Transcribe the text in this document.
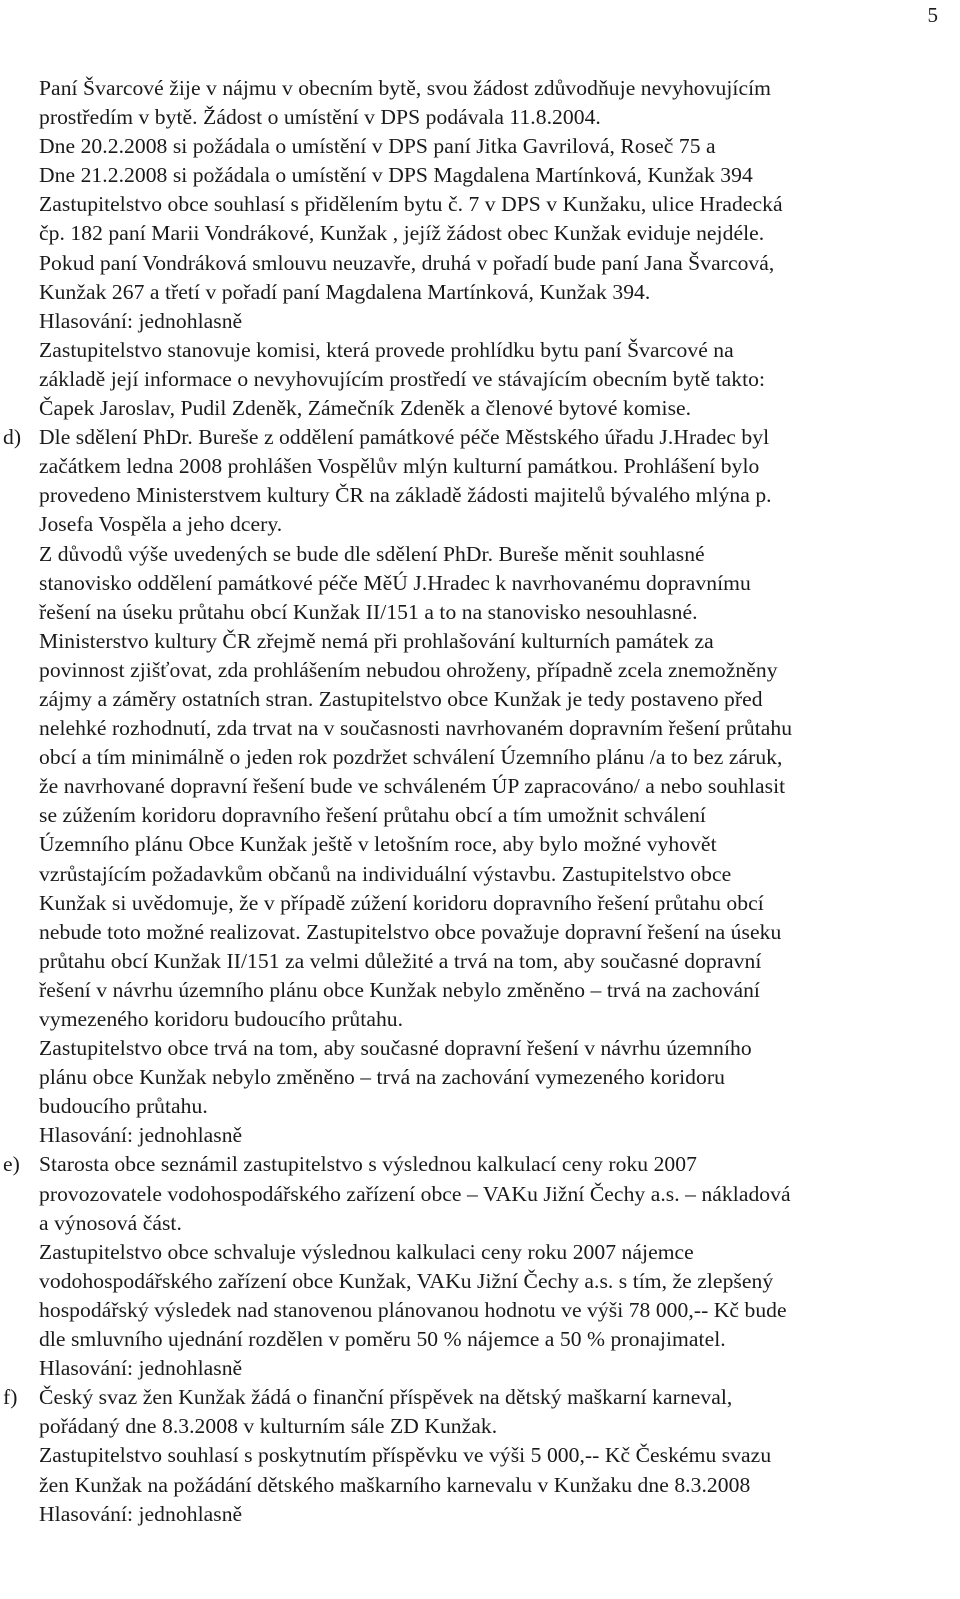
5
Paní Švarcové žije v nájmu v obecním bytě, svou žádost zdůvodňuje nevyhovujícím
prostředím v bytě. Žádost o umístění v DPS podávala 11.8.2004.
Dne 20.2.2008 si požádala o umístění v DPS paní Jitka Gavrilová, Roseč 75 a
Dne 21.2.2008 si požádala o umístění v DPS Magdalena Martínková, Kunžak 394
Zastupitelstvo obce souhlasí s přidělením bytu č. 7 v DPS v Kunžaku, ulice Hradecká
čp. 182 paní Marii Vondrákové, Kunžak , jejíž žádost obec Kunžak eviduje nejdéle.
Pokud paní Vondráková smlouvu neuzavře, druhá v pořadí bude paní Jana Švarcová,
Kunžak 267 a třetí v pořadí paní Magdalena Martínková, Kunžak 394.
Hlasování: jednohlasně
Zastupitelstvo stanovuje komisi, která provede prohlídku bytu paní Švarcové na
základě její informace o nevyhovujícím prostředí ve stávajícím obecním bytě takto:
Čapek Jaroslav, Pudil Zdeněk, Zámečník Zdeněk a členové bytové komise.
d) Dle sdělení PhDr. Bureše z oddělení památkové péče Městského úřadu J.Hradec byl
začátkem ledna 2008 prohlášen Vospělův mlýn kulturní památkou. Prohlášení bylo
provedeno Ministerstvem kultury ČR na základě žádosti majitelů bývalého mlýna p.
Josefa Vospěla a jeho dcery.
Z důvodů výše uvedených se bude dle sdělení PhDr. Bureše měnit souhlasné
stanovisko oddělení památkové péče MěÚ J.Hradec k navrhovanému dopravnímu
řešení na úseku průtahu obcí Kunžak II/151 a to na stanovisko nesouhlasné.
Ministerstvo kultury ČR zřejmě nemá při prohlašování kulturních památek za
povinnost zjišťovat, zda prohlášením nebudou ohroženy, případně zcela znemožněny
zájmy a záměry ostatních stran. Zastupitelstvo obce Kunžak je tedy postaveno před
nelehké rozhodnutí, zda trvat na v současnosti navrhovaném dopravním řešení průtahu
obcí a tím minimálně o jeden rok pozdržet schválení Územního plánu /a to bez záruk,
že navrhované dopravní řešení bude ve schváleném ÚP zapracováno/ a nebo souhlasit
se zúžením koridoru dopravního řešení průtahu obcí a tím umožnit schválení
Územního plánu Obce Kunžak ještě v letošním roce, aby bylo možné vyhovět
vzrůstajícím požadavkům občanů na individuální výstavbu. Zastupitelstvo obce
Kunžak si uvědomuje, že v případě zúžení koridoru dopravního řešení průtahu obcí
nebude toto možné realizovat. Zastupitelstvo obce považuje dopravní řešení na úseku
průtahu obcí Kunžak II/151 za velmi důležité a trvá na tom, aby současné dopravní
řešení v návrhu územního plánu obce Kunžak nebylo změněno – trvá na zachování
vymezeného koridoru budoucího průtahu.
Zastupitelstvo obce trvá na tom, aby současné dopravní řešení v návrhu územního
plánu obce Kunžak nebylo změněno – trvá na zachování vymezeného koridoru
budoucího průtahu.
Hlasování: jednohlasně
e) Starosta obce seznámil zastupitelstvo s výslednou kalkulací ceny roku 2007
provozovatele vodohospodářského zařízení obce – VAKu Jižní Čechy a.s. – nákladová
a výnosová část.
Zastupitelstvo obce schvaluje výslednou kalkulaci ceny roku 2007 nájemce
vodohospodářského zařízení obce Kunžak, VAKu Jižní Čechy a.s. s tím, že zlepšený
hospodářský výsledek nad stanovenou plánovanou hodnotu ve výši 78 000,-- Kč bude
dle smluvního ujednání rozdělen v poměru 50 % nájemce a 50 % pronajimatel.
Hlasování: jednohlasně
f) Český svaz žen Kunžak žádá o finanční příspěvek na dětský maškarní karneval,
pořádaný dne 8.3.2008 v kulturním sále ZD Kunžak.
Zastupitelstvo souhlasí s poskytnutím příspěvku ve výši 5 000,-- Kč Českému svazu
žen Kunžak na požádání dětského maškarního karnevalu v Kunžaku dne 8.3.2008
Hlasování: jednohlasně
